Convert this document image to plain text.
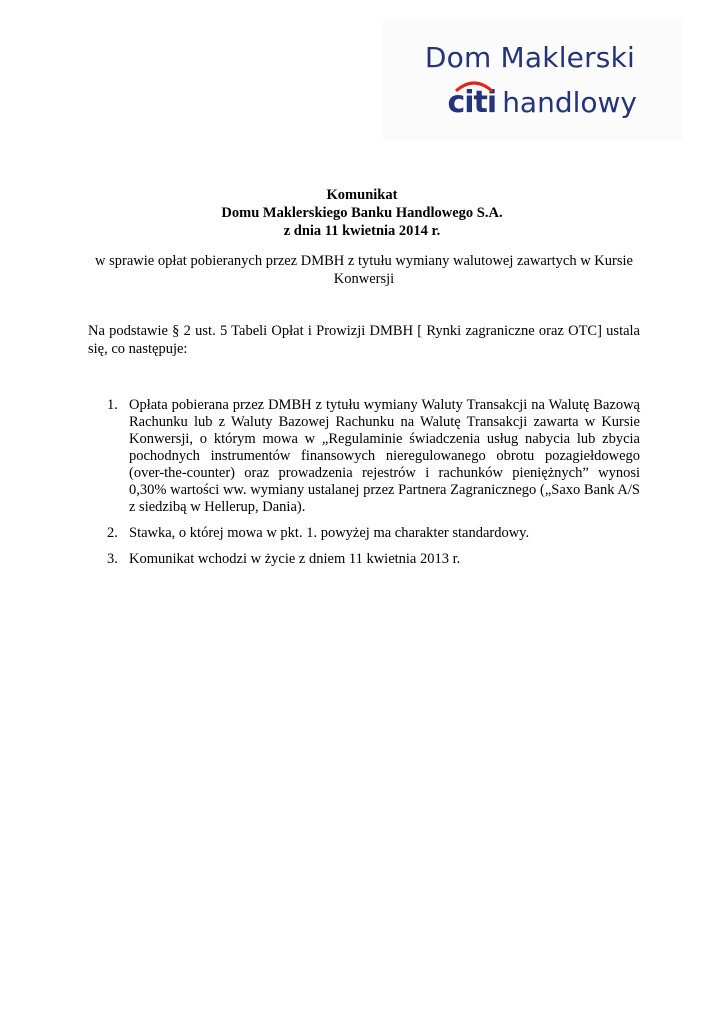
Dom Maklerski
citi handlowy
Komunikat
Domu Maklerskiego Banku Handlowego S.A.
z dnia 11 kwietnia 2014 r.
w sprawie opłat pobieranych przez DMBH z tytułu wymiany walutowej zawartych w Kursie Konwersji
Na podstawie § 2 ust. 5 Tabeli Opłat i Prowizji DMBH [ Rynki zagraniczne oraz OTC] ustala się, co następuje:
1. Opłata pobierana przez DMBH z tytułu wymiany Waluty Transakcji na Walutę Bazową Rachunku lub z Waluty Bazowej Rachunku na Walutę Transakcji zawarta w Kursie Konwersji, o którym mowa w „Regulaminie świadczenia usług nabycia lub zbycia pochodnych instrumentów finansowych nieregulowanego obrotu pozagiełdowego (over-the-counter) oraz prowadzenia rejestrów i rachunków pieniężnych” wynosi 0,30% wartości ww. wymiany ustalanej przez Partnera Zagranicznego („Saxo Bank A/S z siedzibą w Hellerup, Dania).
2. Stawka, o której mowa w pkt. 1. powyżej ma charakter standardowy.
3. Komunikat wchodzi w życie z dniem 11 kwietnia 2013 r.
